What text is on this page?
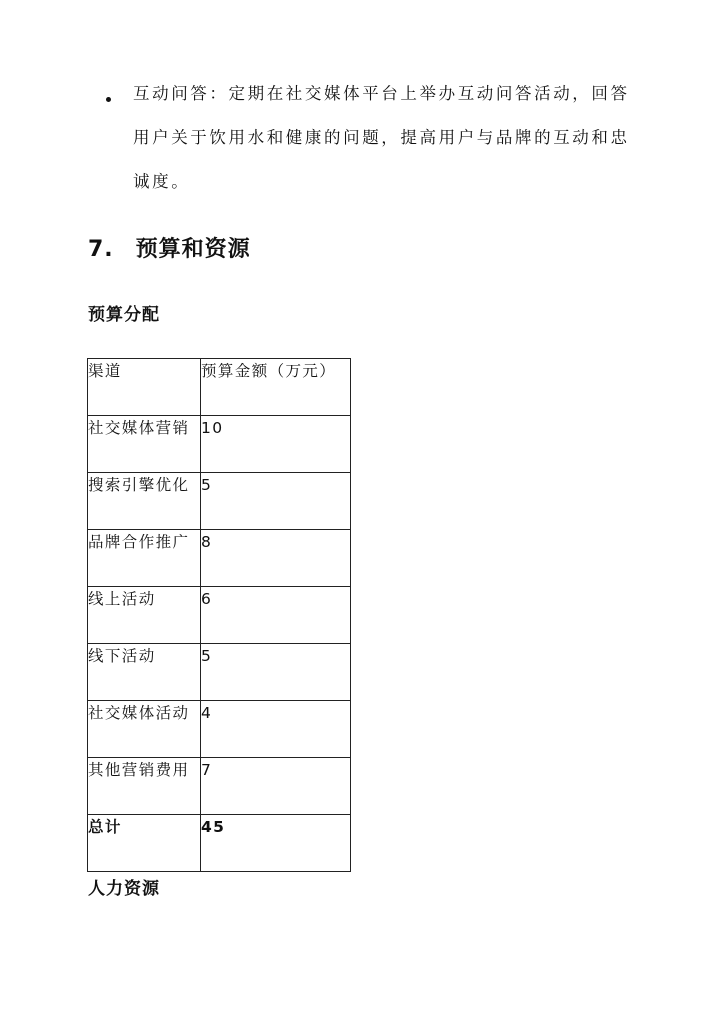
互动问答：定期在社交媒体平台上举办互动问答活动，回答
用户关于饮用水和健康的问题，提高用户与品牌的互动和忠
诚度。
7. 预算和资源
预算分配
渠道	预算金额（万元）

社交媒体营销	10

搜索引擎优化	5

品牌合作推广	8

线上活动	6

线下活动	5

社交媒体活动	4

其他营销费用	7

总计	45
人力资源
